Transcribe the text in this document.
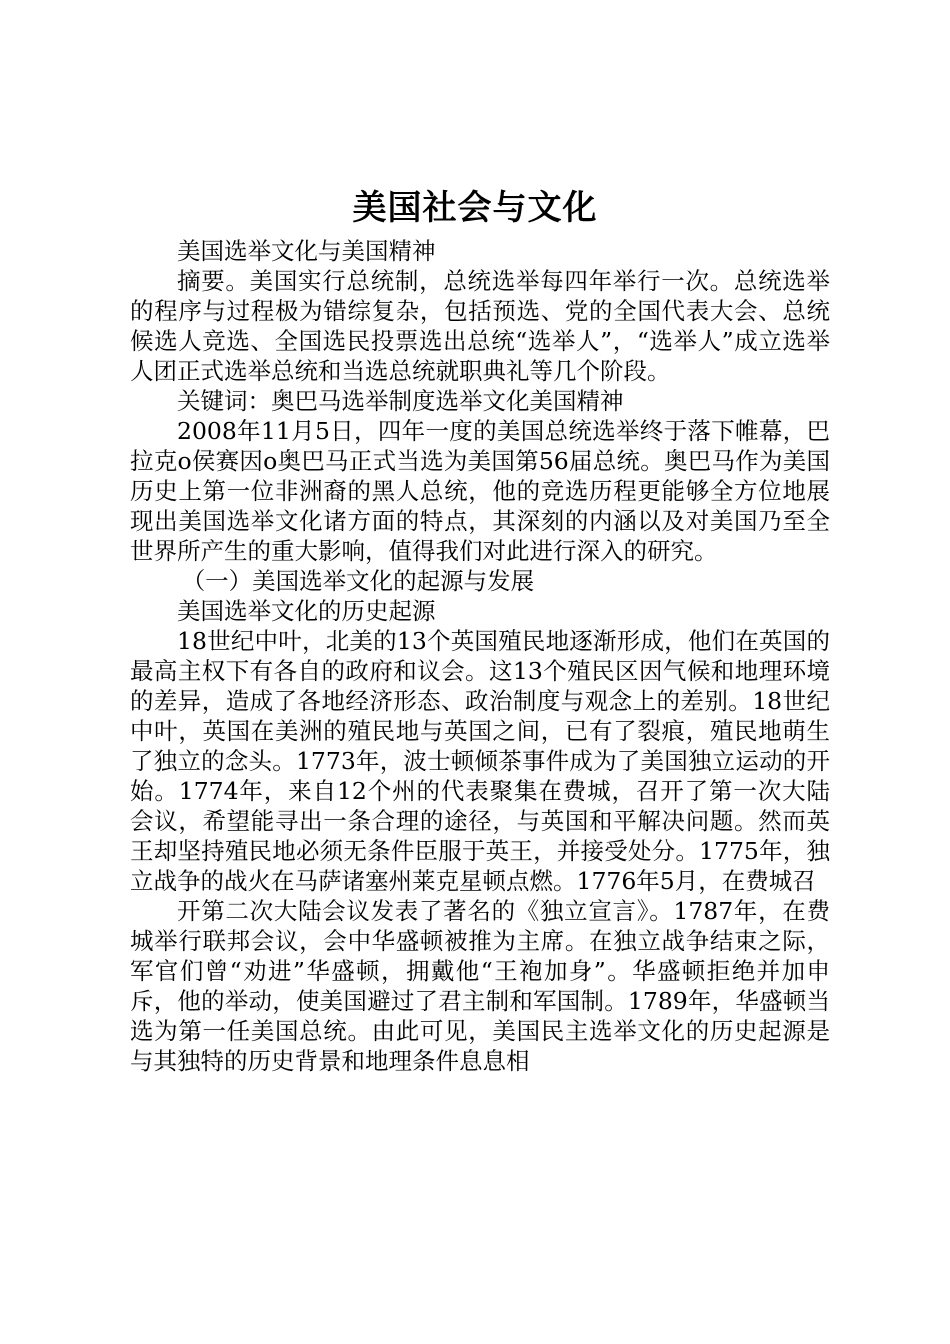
美国社会与文化

美国选举文化与美国精神

摘要。美国实行总统制，总统选举每四年举行一次。总统选举的程序与过程极为错综复杂，包括预选、党的全国代表大会、总统候选人竞选、全国选民投票选出总统“选举人”，“选举人”成立选举人团正式选举总统和当选总统就职典礼等几个阶段。

关键词：奥巴马选举制度选举文化美国精神

2008年11月5日，四年一度的美国总统选举终于落下帷幕，巴拉克o侯赛因o奥巴马正式当选为美国第56届总统。奥巴马作为美国历史上第一位非洲裔的黑人总统，他的竞选历程更能够全方位地展现出美国选举文化诸方面的特点，其深刻的内涵以及对美国乃至全世界所产生的重大影响，值得我们对此进行深入的研究。

（一）美国选举文化的起源与发展

美国选举文化的历史起源

18世纪中叶，北美的13个英国殖民地逐渐形成，他们在英国的最高主权下有各自的政府和议会。这13个殖民区因气候和地理环境的差异，造成了各地经济形态、政治制度与观念上的差别。18世纪中叶，英国在美洲的殖民地与英国之间，已有了裂痕，殖民地萌生了独立的念头。1773年，波士顿倾茶事件成为了美国独立运动的开始。1774年，来自12个州的代表聚集在费城，召开了第一次大陆会议，希望能寻出一条合理的途径，与英国和平解决问题。然而英王却坚持殖民地必须无条件臣服于英王，并接受处分。1775年，独立战争的战火在马萨诸塞州莱克星顿点燃。1776年5月，在费城召

开第二次大陆会议发表了著名的《独立宣言》。1787年，在费城举行联邦会议，会中华盛顿被推为主席。在独立战争结束之际，军官们曾“劝进”华盛顿，拥戴他“王袍加身”。华盛顿拒绝并加申斥，他的举动，使美国避过了君主制和军国制。1789年，华盛顿当选为第一任美国总统。由此可见，美国民主选举文化的历史起源是与其独特的历史背景和地理条件息息相
